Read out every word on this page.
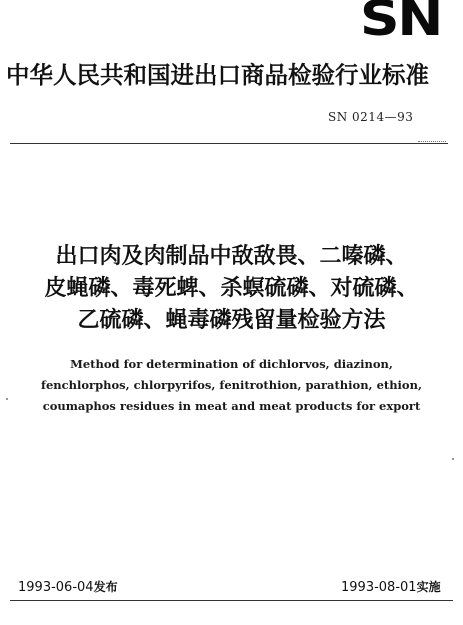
SN
中华人民共和国进出口商品检验行业标准
SN 0214—93
出口肉及肉制品中敌敌畏、二嗪磷、
皮蝇磷、毒死蜱、杀螟硫磷、对硫磷、
乙硫磷、蝇毒磷残留量检验方法
Method for determination of dichlorvos, diazinon,
fenchlorphos, chlorpyrifos, fenitrothion, parathion, ethion,
coumaphos residues in meat and meat products for export
1993-06-04发布	1993-08-01实施
